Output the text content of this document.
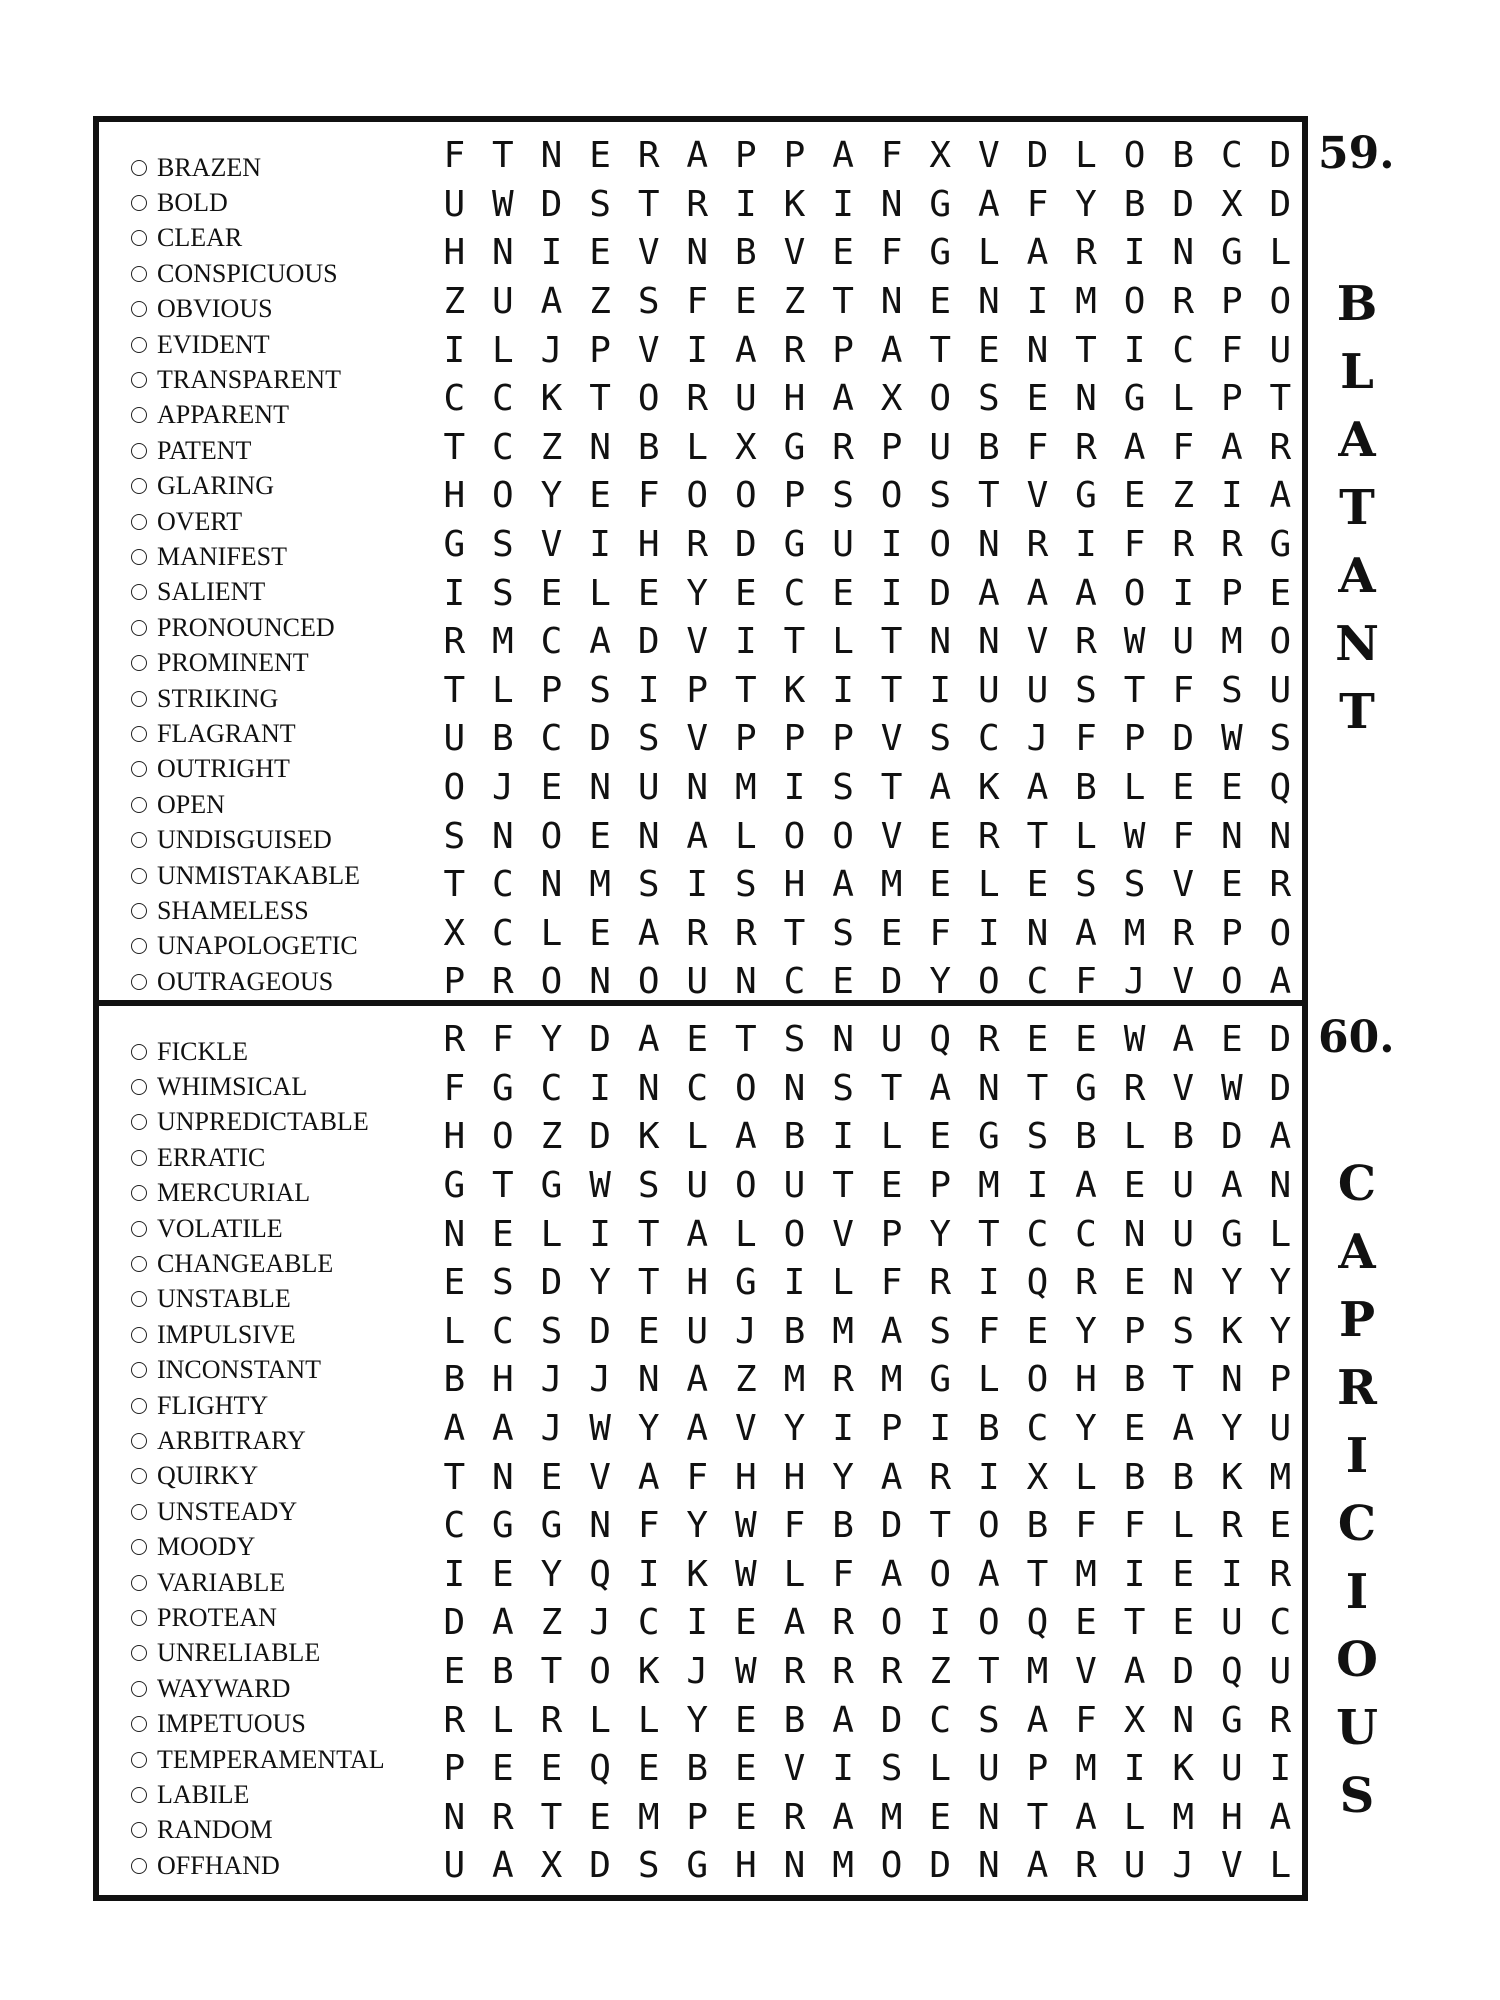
BRAZEN
BOLD
CLEAR
CONSPICUOUS
OBVIOUS
EVIDENT
TRANSPARENT
APPARENT
PATENT
GLARING
OVERT
MANIFEST
SALIENT
PRONOUNCED
PROMINENT
STRIKING
FLAGRANT
OUTRIGHT
OPEN
UNDISGUISED
UNMISTAKABLE
SHAMELESS
UNAPOLOGETIC
OUTRAGEOUS
F T N E R A P P A F X V D L O B C D
U W D S T R I K I N G A F Y B D X D
H N I E V N B V E F G L A R I N G L
Z U A Z S F E Z T N E N I M O R P O
I L J P V I A R P A T E N T I C F U
C C K T O R U H A X O S E N G L P T
T C Z N B L X G R P U B F R A F A R
H O Y E F O O P S O S T V G E Z I A
G S V I H R D G U I O N R I F R R G
I S E L E Y E C E I D A A A O I P E
R M C A D V I T L T N N V R W U M O
T L P S I P T K I T I U U S T F S U
U B C D S V P P P V S C J F P D W S
O J E N U N M I S T A K A B L E E Q
S N O E N A L O O V E R T L W F N N
T C N M S I S H A M E L E S S V E R
X C L E A R R T S E F I N A M R P O
P R O N O U N C E D Y O C F J V O A
59.
B
L
A
T
A
N
T
FICKLE
WHIMSICAL
UNPREDICTABLE
ERRATIC
MERCURIAL
VOLATILE
CHANGEABLE
UNSTABLE
IMPULSIVE
INCONSTANT
FLIGHTY
ARBITRARY
QUIRKY
UNSTEADY
MOODY
VARIABLE
PROTEAN
UNRELIABLE
WAYWARD
IMPETUOUS
TEMPERAMENTAL
LABILE
RANDOM
OFFHAND
R F Y D A E T S N U Q R E E W A E D
F G C I N C O N S T A N T G R V W D
H O Z D K L A B I L E G S B L B D A
G T G W S U O U T E P M I A E U A N
N E L I T A L O V P Y T C C N U G L
E S D Y T H G I L F R I Q R E N Y Y
L C S D E U J B M A S F E Y P S K Y
B H J J N A Z M R M G L O H B T N P
A A J W Y A V Y I P I B C Y E A Y U
T N E V A F H H Y A R I X L B B K M
C G G N F Y W F B D T O B F F L R E
I E Y Q I K W L F A O A T M I E I R
D A Z J C I E A R O I O Q E T E U C
E B T O K J W R R R Z T M V A D Q U
R L R L L Y E B A D C S A F X N G R
P E E Q E B E V I S L U P M I K U I
N R T E M P E R A M E N T A L M H A
U A X D S G H N M O D N A R U J V L
60.
C
A
P
R
I
C
I
O
U
S
